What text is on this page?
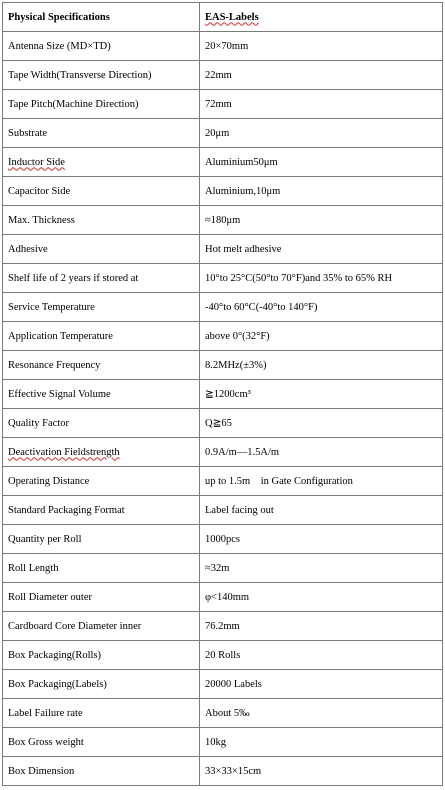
Physical Specifications	EAS-Labels
Antenna Size (MD×TD)	20×70mm
Tape Width(Transverse Direction)	22mm
Tape Pitch(Machine Direction)	72mm
Substrate	20μm
Inductor Side	Aluminium50μm
Capacitor Side	Aluminium,10μm
Max. Thickness	≈180μm
Adhesive	Hot melt adhesive
Shelf life of 2 years if stored at	10°to 25°C(50°to 70°F)and 35% to 65% RH
Service Temperature	-40°to 60°C(-40°to 140°F)
Application Temperature	above 0°(32°F)
Resonance Frequency	8.2MHz(±3%)
Effective Signal Volume	≧1200cm³
Quality Factor	Q≧65
Deactivation Fieldstrength	0.9A/m—1.5A/m
Operating Distance	up to 1.5m    in Gate Configuration
Standard Packaging Format	Label facing out
Quantity per Roll	1000pcs
Roll Length	≈32m
Roll Diameter outer	φ<140mm
Cardboard Core Diameter inner	76.2mm
Box Packaging(Rolls)	20 Rolls
Box Packaging(Labels)	20000 Labels
Label Failure rate	About 5‰
Box Gross weight	10kg
Box Dimension	33×33×15cm
